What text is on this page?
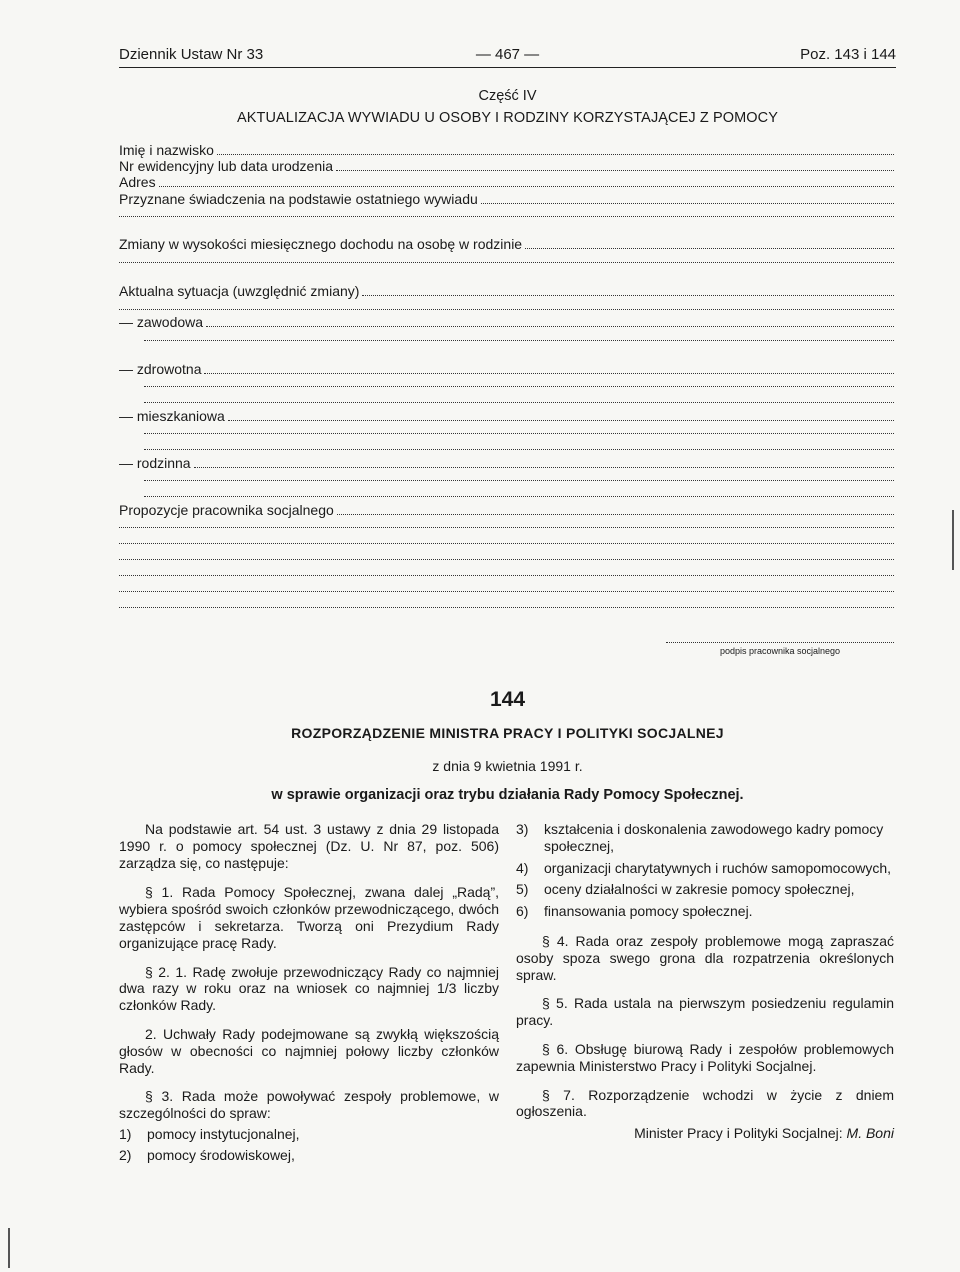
Dziennik Ustaw Nr 33	— 467 —	Poz. 143 i 144
Część IV
AKTUALIZACJA WYWIADU U OSOBY I RODZINY KORZYSTAJĄCEJ Z POMOCY
Imię i nazwisko
Nr ewidencyjny lub data urodzenia
Adres
Przyznane świadczenia na podstawie ostatniego wywiadu
Zmiany w wysokości miesięcznego dochodu na osobę w rodzinie
Aktualna sytuacja (uwzględnić zmiany)
— zawodowa
— zdrowotna
— mieszkaniowa
— rodzinna
Propozycje pracownika socjalnego
podpis pracownika socjalnego
144
ROZPORZĄDZENIE MINISTRA PRACY I POLITYKI SOCJALNEJ
z dnia 9 kwietnia 1991 r.
w sprawie organizacji oraz trybu działania Rady Pomocy Społecznej.

Na podstawie art. 54 ust. 3 ustawy z dnia 29 listopada 1990 r. o pomocy społecznej (Dz. U. Nr 87, poz. 506) zarządza się, co następuje:

§ 1. Rada Pomocy Społecznej, zwana dalej „Radą”, wybiera spośród swoich członków przewodniczącego, dwóch zastępców i sekretarza. Tworzą oni Prezydium Rady organizujące pracę Rady.

§ 2. 1. Radę zwołuje przewodniczący Rady co najmniej dwa razy w roku oraz na wniosek co najmniej 1/3 liczby członków Rady.

2. Uchwały Rady podejmowane są zwykłą większością głosów w obecności co najmniej połowy liczby członków Rady.

§ 3. Rada może powoływać zespoły problemowe, w szczególności do spraw:

1)	pomocy instytucjonalnej,
2)	pomocy środowiskowej,
3)	kształcenia i doskonalenia zawodowego kadry pomocy społecznej,
4)	organizacji charytatywnych i ruchów samopomocowych,
5)	oceny działalności w zakresie pomocy społecznej,
6)	finansowania pomocy społecznej.

§ 4. Rada oraz zespoły problemowe mogą zapraszać osoby spoza swego grona dla rozpatrzenia określonych spraw.

§ 5. Rada ustala na pierwszym posiedzeniu regulamin pracy.

§ 6. Obsługę biurową Rady i zespołów problemowych zapewnia Ministerstwo Pracy i Polityki Socjalnej.

§ 7. Rozporządzenie wchodzi w życie z dniem ogłoszenia.

Minister Pracy i Polityki Socjalnej: M. Boni
